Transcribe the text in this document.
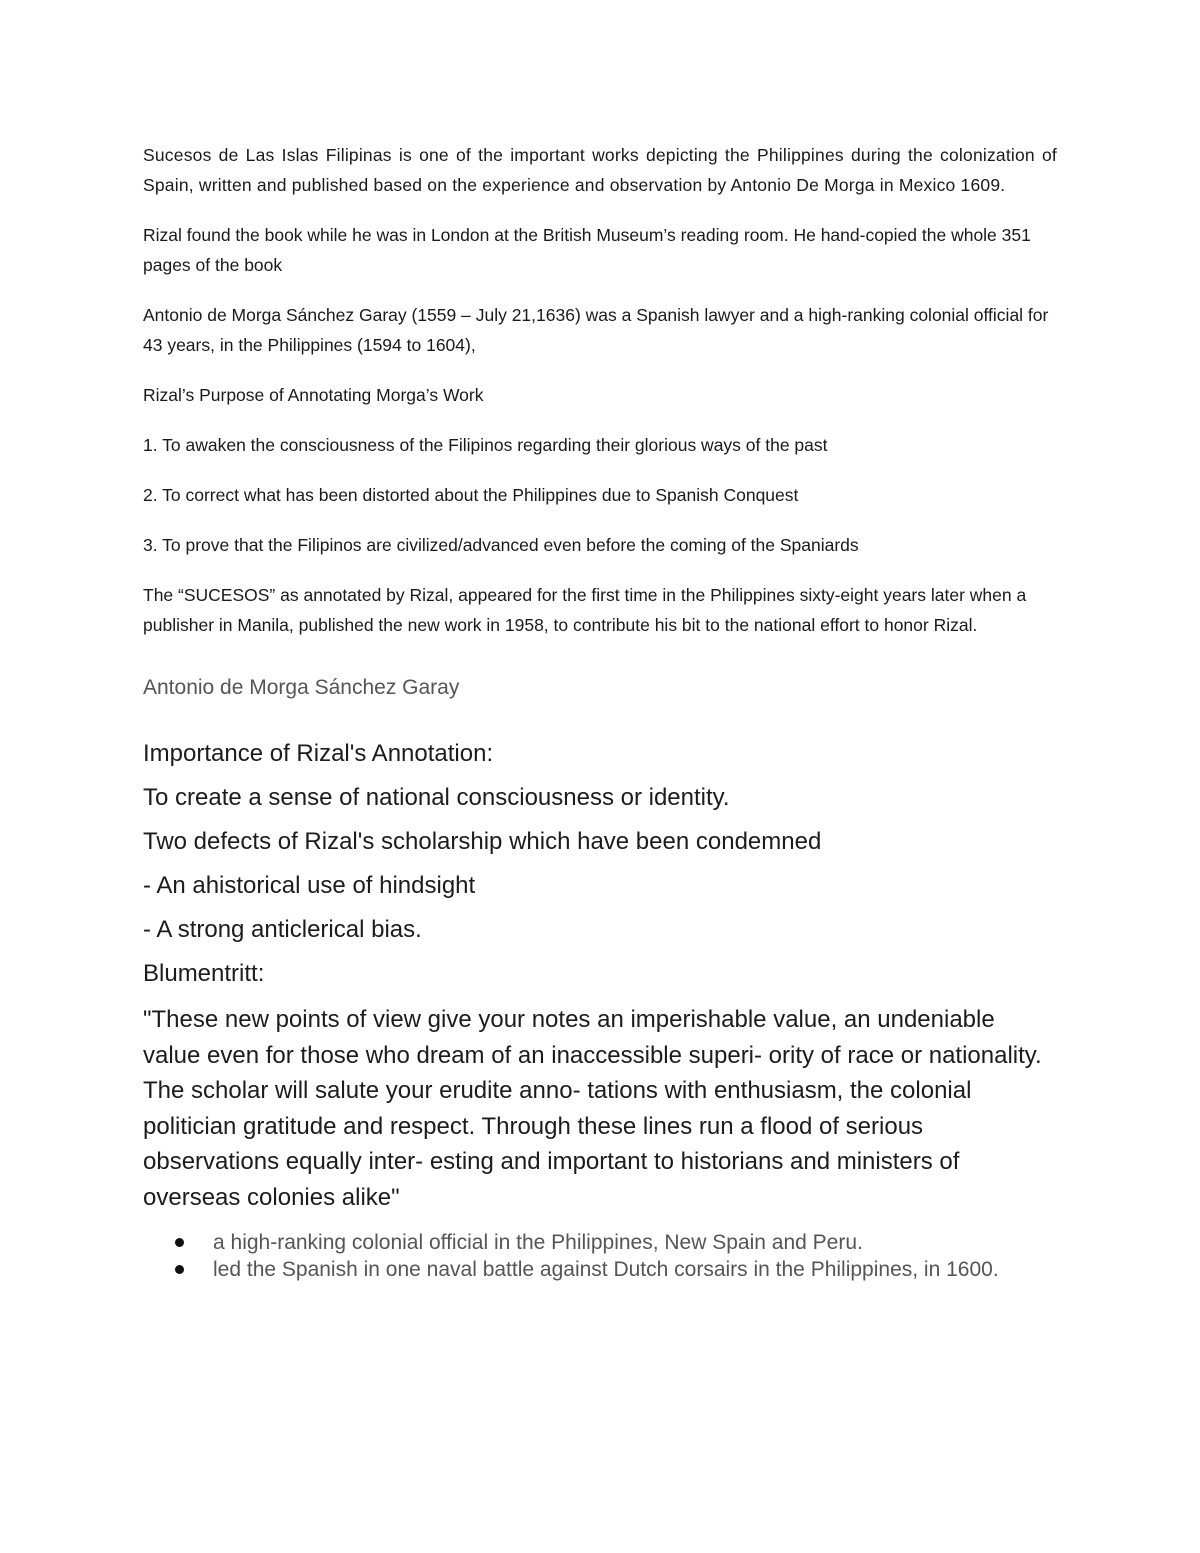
Sucesos de Las Islas Filipinas is one of the important works depicting the Philippines during the colonization of Spain, written and published based on the experience and observation by Antonio De Morga in Mexico 1609.

Rizal found the book while he was in London at the British Museum’s reading room. He hand-copied the whole 351 pages of the book

Antonio de Morga Sánchez Garay (1559 – July 21,1636) was a Spanish lawyer and a high-ranking colonial official for 43 years, in the Philippines (1594 to 1604),

Rizal’s Purpose of Annotating Morga’s Work

1. To awaken the consciousness of the Filipinos regarding their glorious ways of the past

2. To correct what has been distorted about the Philippines due to Spanish Conquest

3. To prove that the Filipinos are civilized/advanced even before the coming of the Spaniards

The “SUCESOS” as annotated by Rizal, appeared for the first time in the Philippines sixty-eight years later when a publisher in Manila, published the new work in 1958, to contribute his bit to the national effort to honor Rizal.

Antonio de Morga Sánchez Garay

Importance of Rizal's Annotation:

To create a sense of national consciousness or identity.

Two defects of Rizal's scholarship which have been condemned

- An ahistorical use of hindsight

- A strong anticlerical bias.

Blumentritt:

"These new points of view give your notes an imperishable value, an undeniable value even for those who dream of an inaccessible superi- ority of race or nationality. The scholar will salute your erudite anno- tations with enthusiasm, the colonial politician gratitude and respect. Through these lines run a flood of serious observations equally inter- esting and important to historians and ministers of overseas colonies alike"

a high-ranking colonial official in the Philippines, New Spain and Peru.
led the Spanish in one naval battle against Dutch corsairs in the Philippines, in 1600.
